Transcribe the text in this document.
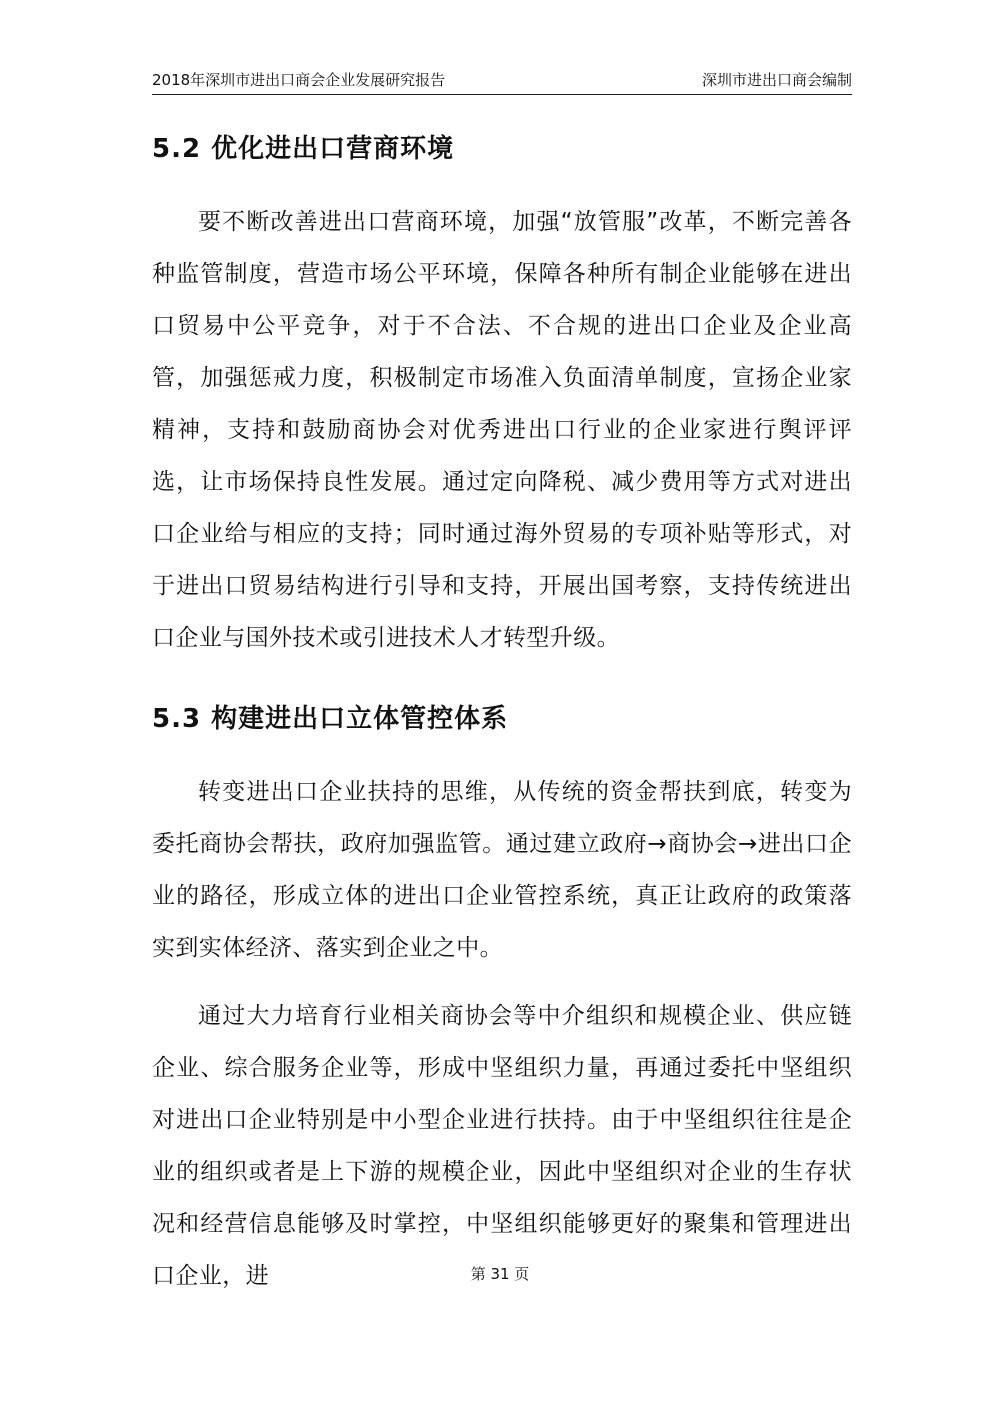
2018年深圳市进出口商会企业发展研究报告	深圳市进出口商会编制
5.2 优化进出口营商环境

要不断改善进出口营商环境，加强“放管服”改革，不断完善各种监管制度，营造市场公平环境，保障各种所有制企业能够在进出口贸易中公平竞争，对于不合法、不合规的进出口企业及企业高管，加强惩戒力度，积极制定市场准入负面清单制度，宣扬企业家精神，支持和鼓励商协会对优秀进出口行业的企业家进行舆评评选，让市场保持良性发展。通过定向降税、减少费用等方式对进出口企业给与相应的支持；同时通过海外贸易的专项补贴等形式，对于进出口贸易结构进行引导和支持，开展出国考察，支持传统进出口企业与国外技术或引进技术人才转型升级。

5.3 构建进出口立体管控体系

转变进出口企业扶持的思维，从传统的资金帮扶到底，转变为委托商协会帮扶，政府加强监管。通过建立政府→商协会→进出口企业的路径，形成立体的进出口企业管控系统，真正让政府的政策落实到实体经济、落实到企业之中。

通过大力培育行业相关商协会等中介组织和规模企业、供应链企业、综合服务企业等，形成中坚组织力量，再通过委托中坚组织对进出口企业特别是中小型企业进行扶持。由于中坚组织往往是企业的组织或者是上下游的规模企业，因此中坚组织对企业的生存状况和经营信息能够及时掌控，中坚组织能够更好的聚集和管理进出口企业，进	第 31 页
